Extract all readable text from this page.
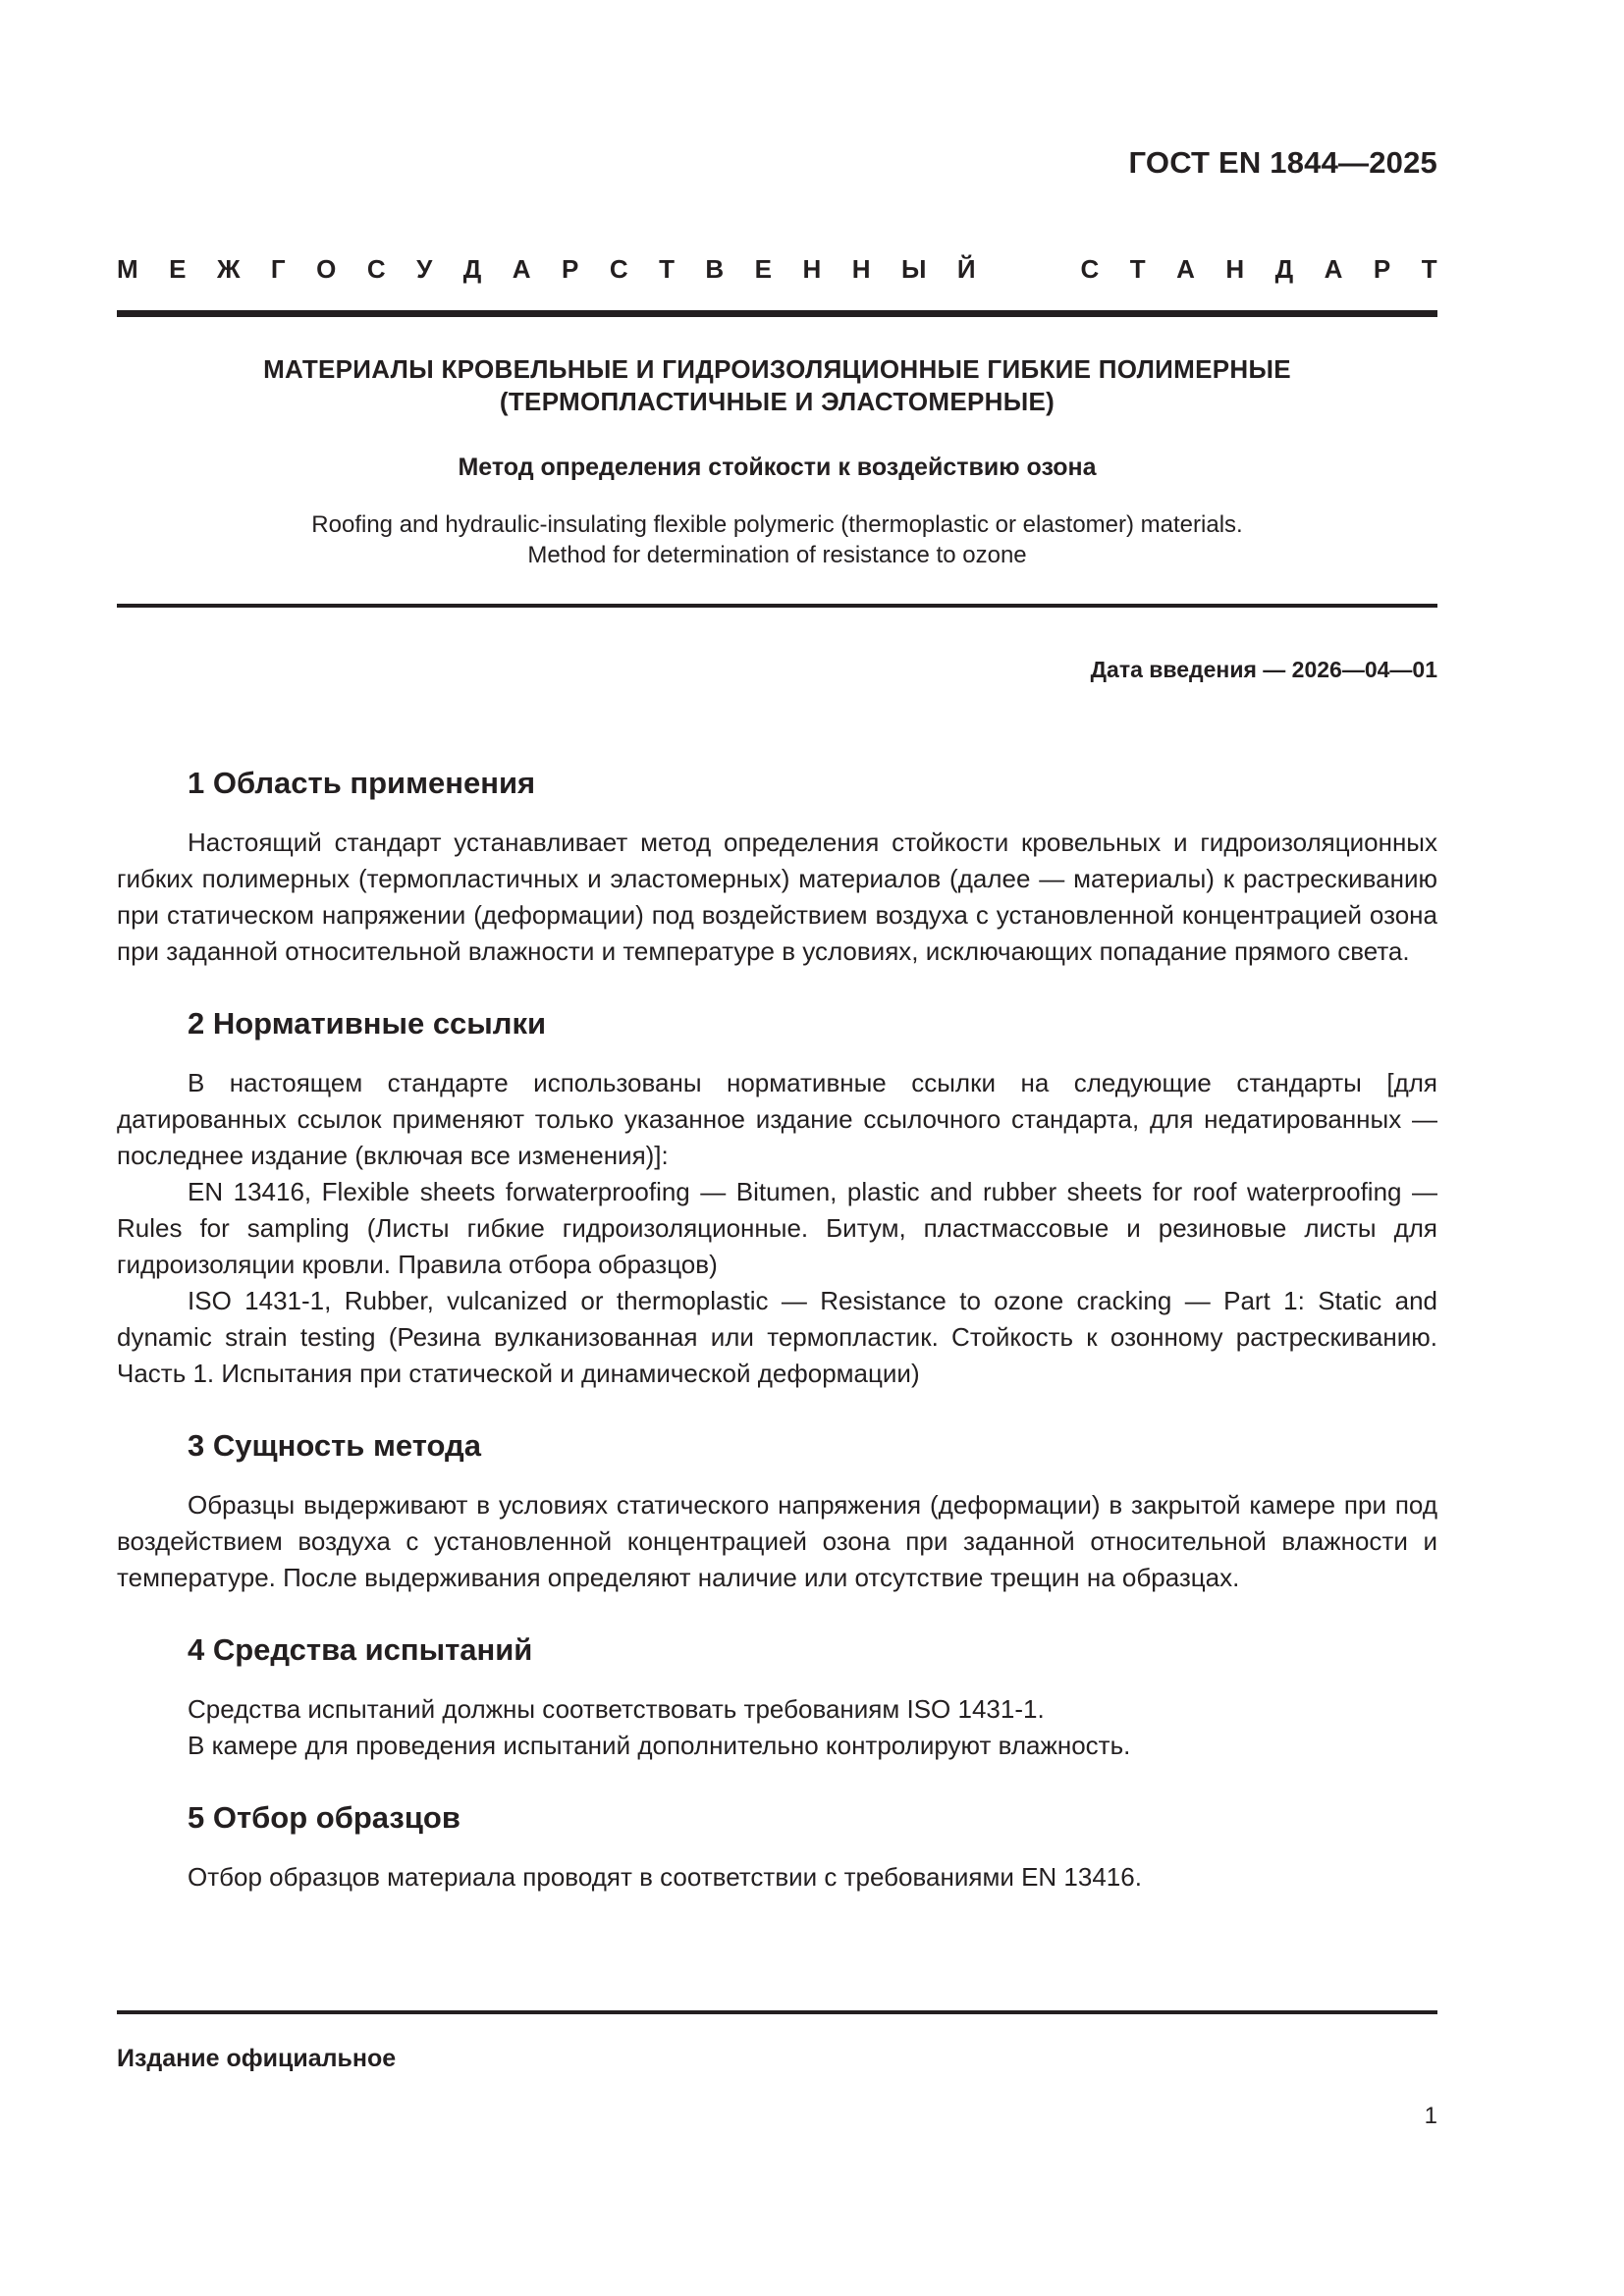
ГОСТ EN 1844—2025
М Е Ж Г О С У Д А Р С Т В Е Н Н Ы Й	С Т А Н Д А Р Т
МАТЕРИАЛЫ КРОВЕЛЬНЫЕ И ГИДРОИЗОЛЯЦИОННЫЕ ГИБКИЕ ПОЛИМЕРНЫЕ
(ТЕРМОПЛАСТИЧНЫЕ И ЭЛАСТОМЕРНЫЕ)
Метод определения стойкости к воздействию озона
Roofing and hydraulic-insulating flexible polymeric (thermoplastic or elastomer) materials.
Method for determination of resistance to ozone
Дата введения — 2026—04—01
1 Область применения

Настоящий стандарт устанавливает метод определения стойкости кровельных и гидроизоляционных гибких полимерных (термопластичных и эластомерных) материалов (далее — материалы) к растрескиванию при статическом напряжении (деформации) под воздействием воздуха с установленной концентрацией озона при заданной относительной влажности и температуре в условиях, исключающих попадание прямого света.

2 Нормативные ссылки

В настоящем стандарте использованы нормативные ссылки на следующие стандарты [для датированных ссылок применяют только указанное издание ссылочного стандарта, для недатированных — последнее издание (включая все изменения)]:

EN 13416, Flexible sheets forwaterproofing — Bitumen, plastic and rubber sheets for roof waterproofing — Rules for sampling (Листы гибкие гидроизоляционные. Битум, пластмассовые и резиновые листы для гидроизоляции кровли. Правила отбора образцов)

ISO 1431-1, Rubber, vulcanized or thermoplastic — Resistance to ozone cracking — Part 1: Static and dynamic strain testing (Резина вулканизованная или термопластик. Стойкость к озонному растрескиванию. Часть 1. Испытания при статической и динамической деформации)

3 Сущность метода

Образцы выдерживают в условиях статического напряжения (деформации) в закрытой камере при под воздействием воздуха с установленной концентрацией озона при заданной относительной влажности и температуре. После выдерживания определяют наличие или отсутствие трещин на образцах.

4 Средства испытаний

Средства испытаний должны соответствовать требованиям ISO 1431-1.

В камере для проведения испытаний дополнительно контролируют влажность.

5 Отбор образцов

Отбор образцов материала проводят в соответствии с требованиями EN 13416.

Издание официальное
1
